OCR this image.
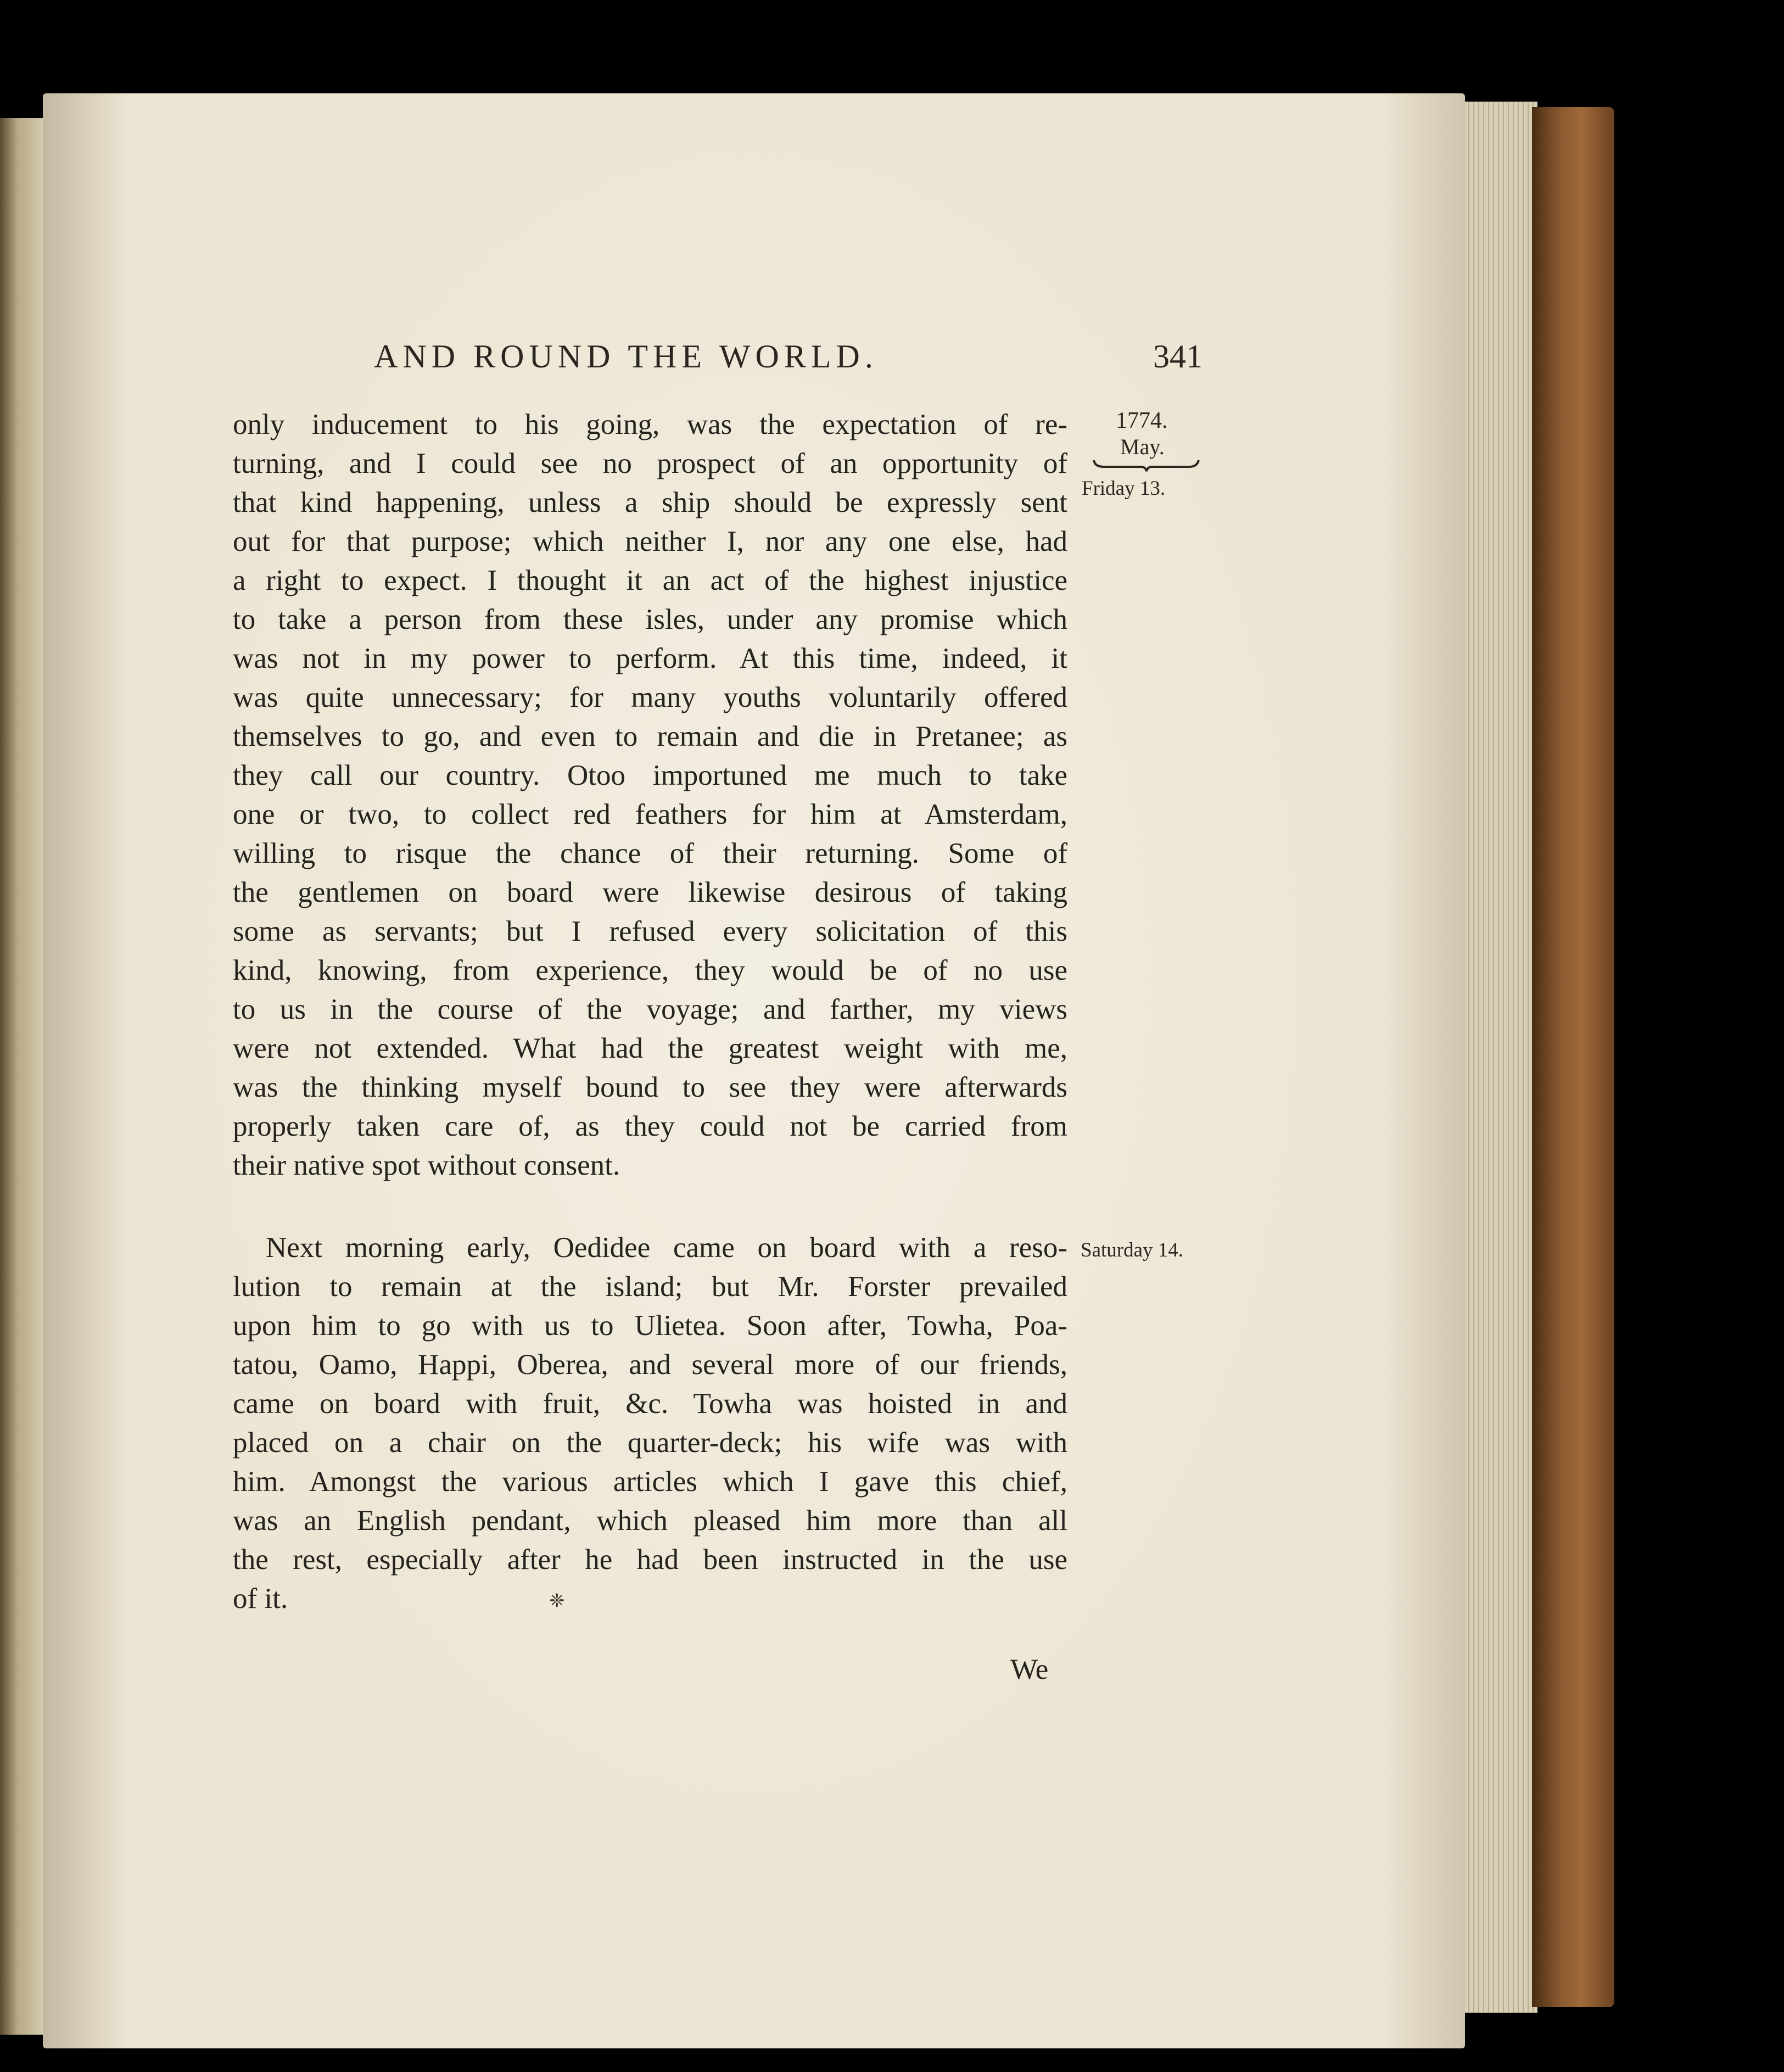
AND ROUND THE WORLD.	341
1774.
May.
Friday 13.
Saturday 14.

only inducement to his going, was the expectation of re-
turning, and I could see no prospect of an opportunity of
that kind happening, unless a ship should be expressly sent
out for that purpose; which neither I, nor any one else, had
a right to expect. I thought it an act of the highest injustice
to take a person from these isles, under any promise which
was not in my power to perform. At this time, indeed, it
was quite unnecessary; for many youths voluntarily offered
themselves to go, and even to remain and die in Pretanee; as
they call our country. Otoo importuned me much to take
one or two, to collect red feathers for him at Amsterdam,
willing to risque the chance of their returning. Some of
the gentlemen on board were likewise desirous of taking
some as servants; but I refused every solicitation of this
kind, knowing, from experience, they would be of no use
to us in the course of the voyage; and farther, my views
were not extended. What had the greatest weight with me,
was the thinking myself bound to see they were afterwards
properly taken care of, as they could not be carried from
their native spot without consent.

Next morning early, Oedidee came on board with a reso-
lution to remain at the island; but Mr. Forster prevailed
upon him to go with us to Ulietea. Soon after, Towha, Poa-
tatou, Oamo, Happi, Oberea, and several more of our friends,
came on board with fruit, &c. Towha was hoisted in and
placed on a chair on the quarter-deck; his wife was with
him. Amongst the various articles which I gave this chief,
was an English pendant, which pleased him more than all
the rest, especially after he had been instructed in the use
of it.	❈
We
